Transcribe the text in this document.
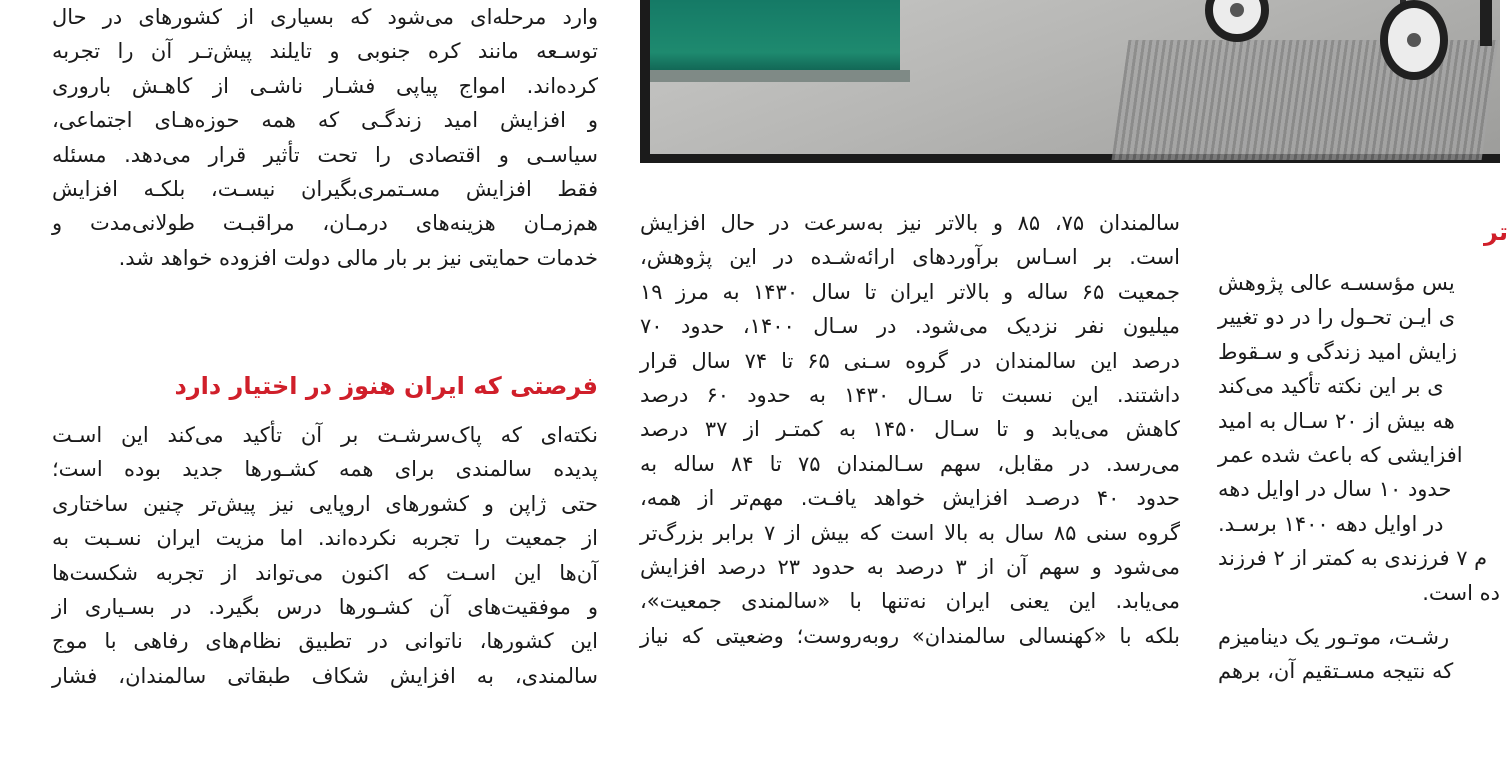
وارد مرحله‌ای می‌شود که بسیاری از کشورهای در حال
توسـعه مانند کره جنوبی و تایلند پیش‌تـر آن را تجربه
کرده‌اند. امواج پیاپی فشـار ناشـی از کاهـش باروری
و افزایش امید زندگـی که همه حوزه‌هـای اجتماعی،
سیاسـی و اقتصادی را تحت تأثیر قرار می‌دهد. مسئله
فقط افزایش مسـتمری‌بگیران نیسـت، بلکـه افزایش
هم‌زمـان هزینه‌های درمـان، مراقبـت طولانی‌مدت و
خدمات حمایتی نیز بر بار مالی دولت افزوده خواهد شد.

فرصتی که ایران هنوز در اختیار دارد

نکته‌ای که پاک‌سرشـت بر آن تأکید می‌کند این اسـت
پدیده سالمندی برای همه کشـورها جدید بوده است؛
حتی ژاپن و کشورهای اروپایی نیز پیش‌تر چنین ساختاری
از جمعیت را تجربه نکرده‌اند. اما مزیت ایران نسـبت به
آن‌ها این اسـت که اکنون می‌تواند از تجربه شکست‌ها
و موفقیت‌های آن کشـورها درس بگیرد. در بسـیاری از
این کشورها، ناتوانی در تطبیق نظام‌های رفاهی با موج
سالمندی، به افزایش شکاف طبقاتی سالمندان، فشار

سالمندان ۷۵، ۸۵ و بالاتر نیز به‌سرعت در حال افزایش
است. بر اسـاس برآوردهای ارائه‌شـده در این پژوهش،
جمعیت ۶۵ ساله و بالاتر ایران تا سال ۱۴۳۰ به مرز ۱۹
میلیون نفر نزدیک می‌شود. در سـال ۱۴۰۰، حدود ۷۰
درصد این سالمندان در گروه سـنی ۶۵ تا ۷۴ سال قرار
داشتند. این نسبت تا سـال ۱۴۳۰ به حدود ۶۰ درصد
کاهش می‌یابد و تا سـال ۱۴۵۰ به کمتـر از ۳۷ درصد
می‌رسد. در مقابل، سهم سـالمندان ۷۵ تا ۸۴ ساله به
حدود ۴۰ درصـد افزایش خواهد یافـت. مهم‌تر از همه،
گروه سنی ۸۵ سال به بالا است که بیش از ۷ برابر بزرگ‌تر
می‌شود و سهم آن از ۳ درصد به حدود ۲۳ درصد افزایش
می‌یابد. این یعنی ایران نه‌تنها با «سالمندی جمعیت»،
بلکه با «کهنسالی سالمندان» روبه‌روست؛ وضعیتی که نیاز

تر

یس مؤسسـه عالی پژوهش
ی ایـن تحـول را در دو تغییر
زایش امید زندگی و سـقوط
ی بر این نکته تأکید می‌کند
هه بیش از ۲۰ سـال به امید
افزایشی که باعث شده عمر
حدود ۱۰ سال در اوایل دهه
در اوایل دهه ۱۴۰۰ برسـد.
م ۷ فرزندی به کمتر از ۲ فرزند
ده است.
رشـت، موتـور یک دینامیزم
که نتیجه مسـتقیم آن، برهم
